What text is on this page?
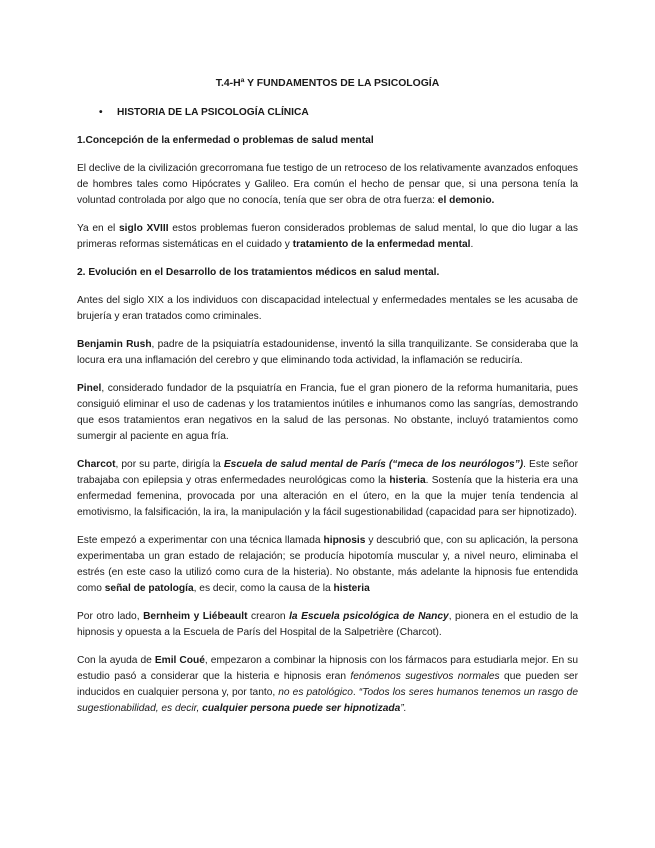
T.4-Hª Y FUNDAMENTOS DE LA PSICOLOGÍA
• HISTORIA DE LA PSICOLOGÍA CLÍNICA
1.Concepción de la enfermedad o problemas de salud mental

El declive de la civilización grecorromana fue testigo de un retroceso de los relativamente avanzados enfoques de hombres tales como Hipócrates y Galileo. Era común el hecho de pensar que, si una persona tenía la voluntad controlada por algo que no conocía, tenía que ser obra de otra fuerza: el demonio.

Ya en el siglo XVIII estos problemas fueron considerados problemas de salud mental, lo que dio lugar a las primeras reformas sistemáticas en el cuidado y tratamiento de la enfermedad mental.

2. Evolución en el Desarrollo de los tratamientos médicos en salud mental.

Antes del siglo XIX a los individuos con discapacidad intelectual y enfermedades mentales se les acusaba de brujería y eran tratados como criminales.

Benjamin Rush, padre de la psiquiatría estadounidense, inventó la silla tranquilizante. Se consideraba que la locura era una inflamación del cerebro y que eliminando toda actividad, la inflamación se reduciría.

Pinel, considerado fundador de la psquiatría en Francia, fue el gran pionero de la reforma humanitaria, pues consiguió eliminar el uso de cadenas y los tratamientos inútiles e inhumanos como las sangrías, demostrando que esos tratamientos eran negativos en la salud de las personas. No obstante, incluyó tratamientos como sumergir al paciente en agua fría.

Charcot, por su parte, dirigía la Escuela de salud mental de París (“meca de los neurólogos”). Este señor trabajaba con epilepsia y otras enfermedades neurológicas como la histeria. Sostenía que la histeria era una enfermedad femenina, provocada por una alteración en el útero, en la que la mujer tenía tendencia al emotivismo, la falsificación, la ira, la manipulación y la fácil sugestionabilidad (capacidad para ser hipnotizado).

Este empezó a experimentar con una técnica llamada hipnosis y descubrió que, con su aplicación, la persona experimentaba un gran estado de relajación; se producía hipotomía muscular y, a nivel neuro, eliminaba el estrés (en este caso la utilizó como cura de la histeria). No obstante, más adelante la hipnosis fue entendida como señal de patología, es decir, como la causa de la histeria

Por otro lado, Bernheim y Liébeault crearon la Escuela psicológica de Nancy, pionera en el estudio de la hipnosis y opuesta a la Escuela de París del Hospital de la Salpetrière (Charcot).

Con la ayuda de Emil Coué, empezaron a combinar la hipnosis con los fármacos para estudiarla mejor. En su estudio pasó a considerar que la histeria e hipnosis eran fenómenos sugestivos normales que pueden ser inducidos en cualquier persona y, por tanto, no es patológico. “Todos los seres humanos tenemos un rasgo de sugestionabilidad, es decir, cualquier persona puede ser hipnotizada”.
